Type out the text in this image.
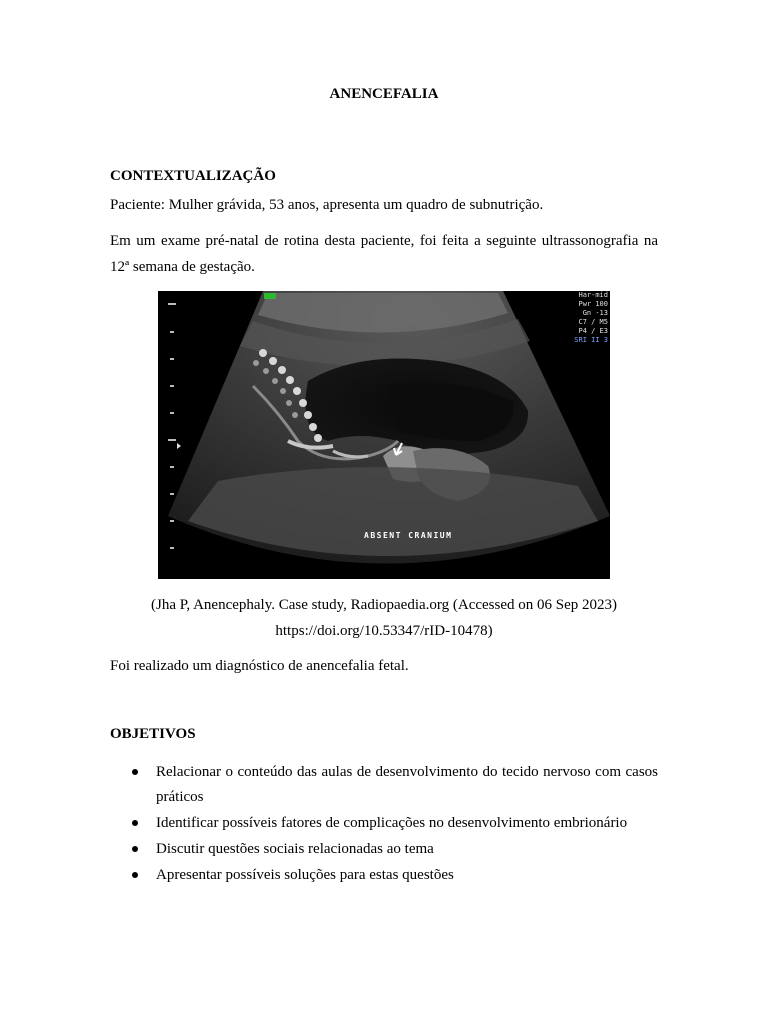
ANENCEFALIA
CONTEXTUALIZAÇÃO
Paciente: Mulher grávida, 53 anos, apresenta um quadro de subnutrição.
Em um exame pré-natal de rotina desta paciente, foi feita a seguinte ultrassonografia na 12ª semana de gestação.
Har-mid
Pwr 100
Gn -13
C7 / M5
P4 / E3
SRI II 3
ABSENT CRANIUM
(Jha P, Anencephaly. Case study, Radiopaedia.org (Accessed on 06 Sep 2023)
https://doi.org/10.53347/rID-10478)
Foi realizado um diagnóstico de anencefalia fetal.
OBJETIVOS
Relacionar o conteúdo das aulas de desenvolvimento do tecido nervoso com casos práticos
Identificar possíveis fatores de complicações no desenvolvimento embrionário
Discutir questões sociais relacionadas ao tema
Apresentar possíveis soluções para estas questões
